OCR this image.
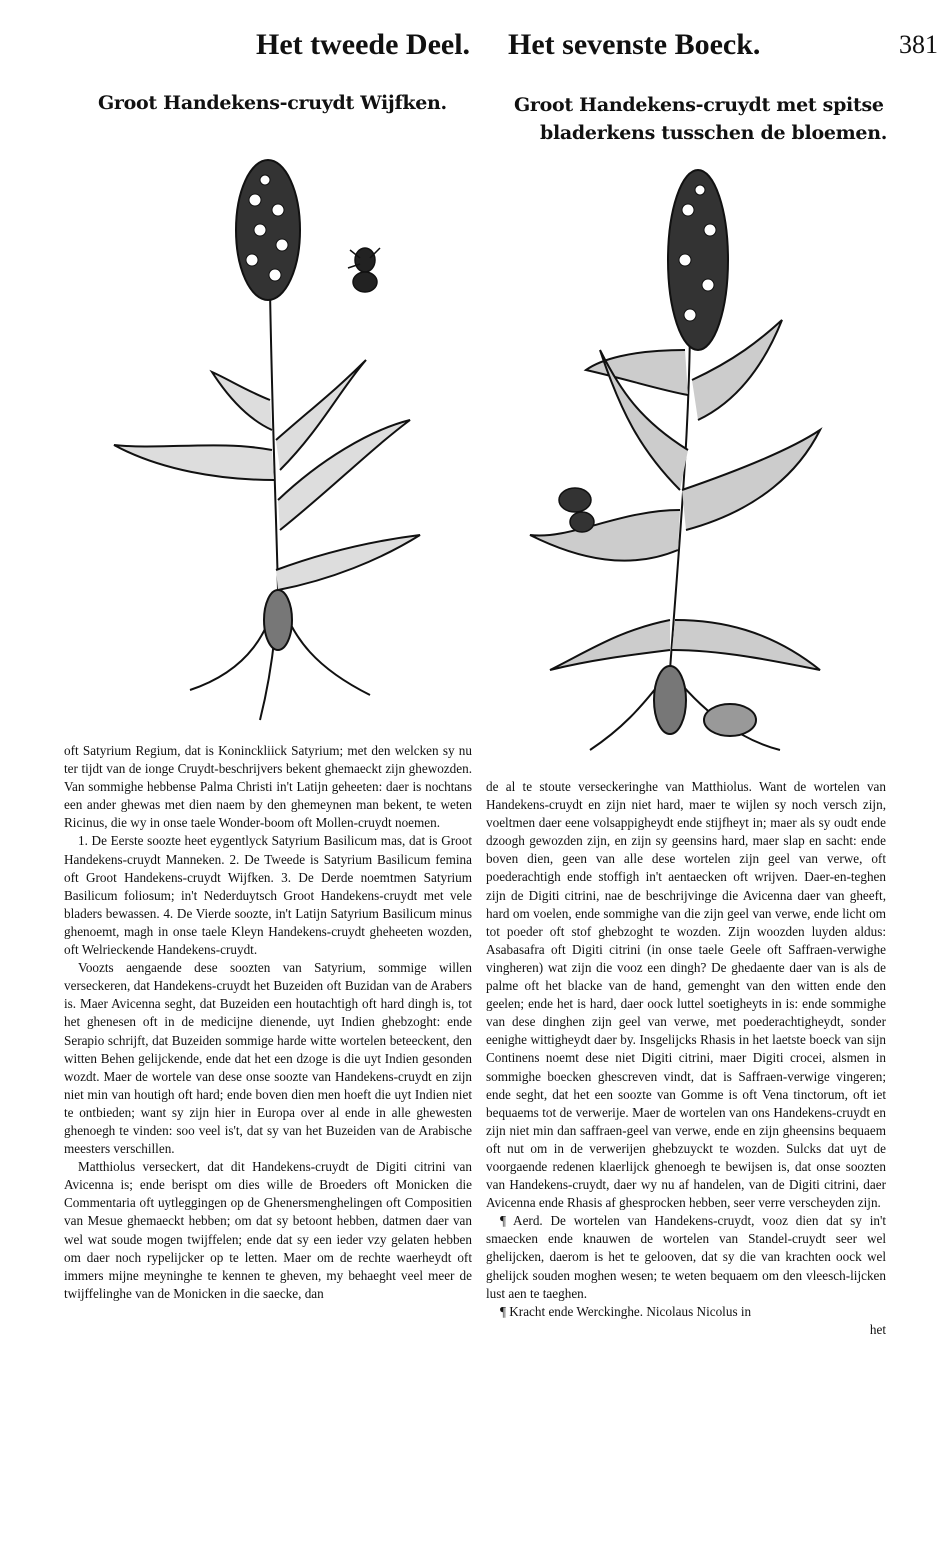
Het tweede Deel. Het sevenste Boeck.	381
Groot Handekens-cruydt Wijfken.	Groot Handekens-cruydt met spitse
bladerkens tusschen de bloemen.

oft Satyrium Regium, dat is Koninckliick Satyrium; met den welcken sy nu ter tijdt van de ionge Cruydt-beschrijvers bekent ghemaeckt zijn ghewozden. Van sommighe hebbense Palma Christi in't Latijn geheeten: daer is nochtans een ander ghewas met dien naem by den ghemeynen man bekent, te weten Ricinus, die wy in onse taele Wonder-boom oft Mollen-cruydt noemen.

1. De Eerste soozte heet eygentlyck Satyrium Basilicum mas, dat is Groot Handekens-cruydt Manneken. 2. De Tweede is Satyrium Basilicum femina oft Groot Handekens-cruydt Wijfken. 3. De Derde noemtmen Satyrium Basilicum foliosum; in't Nederduytsch Groot Handekens-cruydt met vele bladers bewassen. 4. De Vierde soozte, in't Latijn Satyrium Basilicum minus ghenoemt, magh in onse taele Kleyn Handekens-cruydt gheheeten wozden, oft Welrieckende Handekens-cruydt.

Voozts aengaende dese soozten van Satyrium, sommige willen verseckeren, dat Handekens-cruydt het Buzeiden oft Buzidan van de Arabers is. Maer Avicenna seght, dat Buzeiden een houtachtigh oft hard dingh is, tot het ghenesen oft in de medicijne dienende, uyt Indien ghebzoght: ende Serapio schrijft, dat Buzeiden sommige harde witte wortelen beteeckent, den witten Behen gelijckende, ende dat het een dzoge is die uyt Indien gesonden wozdt. Maer de wortele van dese onse soozte van Handekens-cruydt en zijn niet min van houtigh oft hard; ende boven dien men hoeft die uyt Indien niet te ontbieden; want sy zijn hier in Europa over al ende in alle ghewesten ghenoegh te vinden: soo veel is't, dat sy van het Buzeiden van de Arabische meesters verschillen.

Matthiolus verseckert, dat dit Handekens-cruydt de Digiti citrini van Avicenna is; ende berispt om dies wille de Broeders oft Monicken die Commentaria oft uytleggingen op de Ghenersmenghelingen oft Compositien van Mesue ghemaeckt hebben; om dat sy betoont hebben, datmen daer van wel wat soude mogen twijffelen; ende dat sy een ieder vzy gelaten hebben om daer noch rypelijcker op te letten. Maer om de rechte waerheydt oft immers mijne meyninghe te kennen te gheven, my behaeght veel meer de twijffelinghe van de Monicken in die saecke, dan

de al te stoute verseckeringhe van Matthiolus. Want de wortelen van Handekens-cruydt en zijn niet hard, maer te wijlen sy noch versch zijn, voeltmen daer eene volsappigheydt ende stijfheyt in; maer als sy oudt ende dzoogh gewozden zijn, en zijn sy geensins hard, maer slap en sacht: ende boven dien, geen van alle dese wortelen zijn geel van verwe, oft poederachtigh ende stoffigh in't aentaecken oft wrijven. Daer-en-teghen zijn de Digiti citrini, nae de beschrijvinge die Avicenna daer van gheeft, hard om voelen, ende sommighe van die zijn geel van verwe, ende licht om tot poeder oft stof ghebzoght te wozden. Zijn woozden luyden aldus: Asabasafra oft Digiti citrini (in onse taele Geele oft Saffraen-verwighe vingheren) wat zijn die vooz een dingh? De ghedaente daer van is als de palme oft het blacke van de hand, gemenght van den witten ende den geelen; ende het is hard, daer oock luttel soetigheyts in is: ende sommighe van dese dinghen zijn geel van verwe, met poederachtigheydt, sonder eenighe wittigheydt daer by. Insgelijcks Rhasis in het laetste boeck van sijn Continens noemt dese niet Digiti citrini, maer Digiti crocei, alsmen in sommighe boecken ghescreven vindt, dat is Saffraen-verwige vingeren; ende seght, dat het een soozte van Gomme is oft Vena tinctorum, oft iet bequaems tot de verwerije. Maer de wortelen van ons Handekens-cruydt en zijn niet min dan saffraen-geel van verwe, ende en zijn gheensins bequaem oft nut om in de verwerijen ghebzuyckt te wozden. Sulcks dat uyt de voorgaende redenen klaerlijck ghenoegh te bewijsen is, dat onse soozten van Handekens-cruydt, daer wy nu af handelen, van de Digiti citrini, daer Avicenna ende Rhasis af ghesprocken hebben, seer verre verscheyden zijn.

¶ Aerd. De wortelen van Handekens-cruydt, vooz dien dat sy in't smaecken ende knauwen de wortelen van Standel-cruydt seer wel ghelijcken, daerom is het te gelooven, dat sy die van krachten oock wel ghelijck souden moghen wesen; te weten bequaem om den vleesch-lijcken lust aen te taeghen.

¶ Kracht ende Werckinghe. Nicolaus Nicolus in

het
